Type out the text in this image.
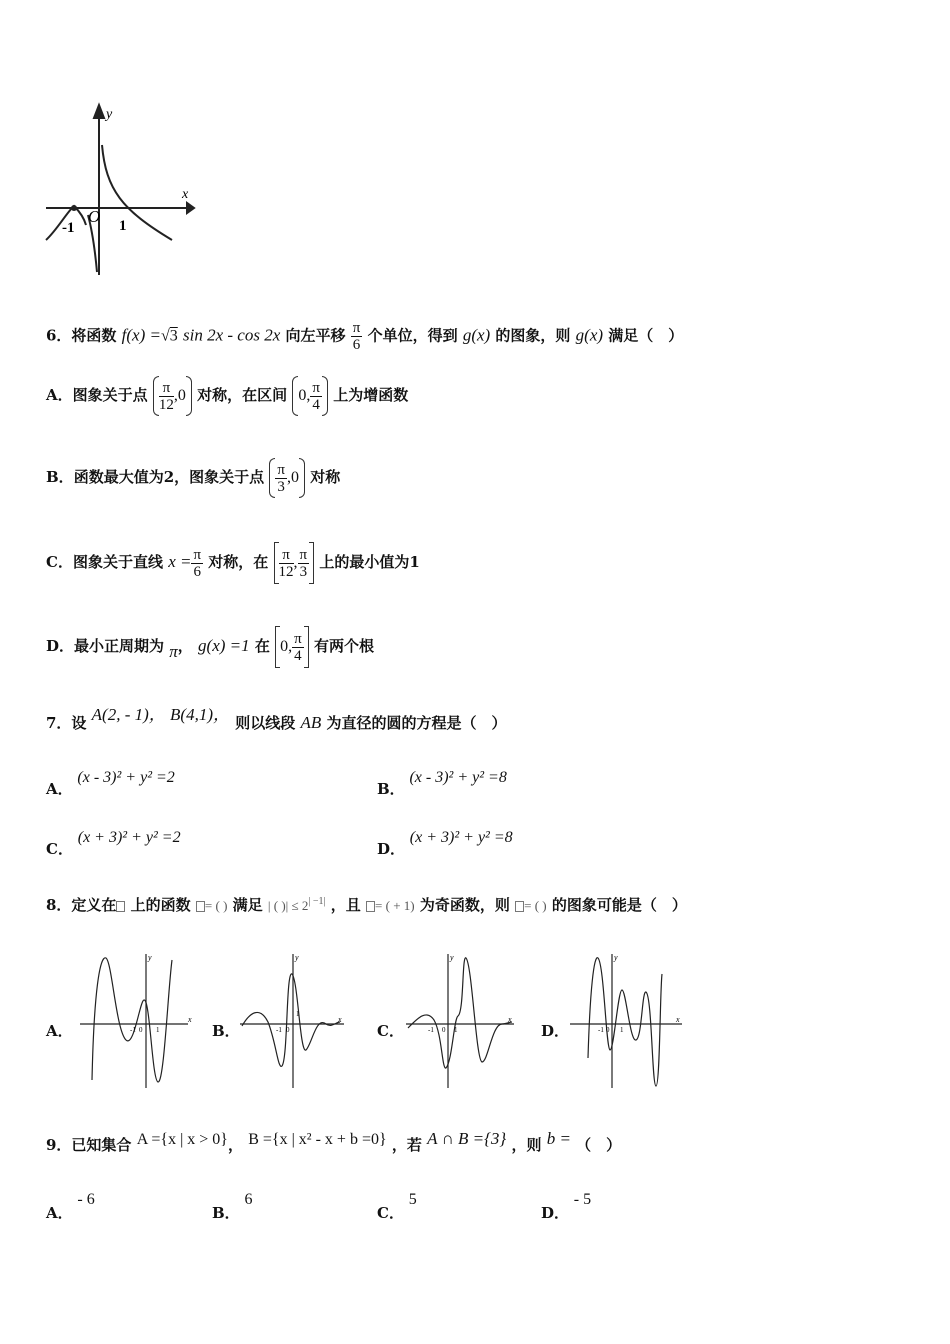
y
x
-1
O 1
6．将函数 f(x) =√3 sin 2x - cos 2x 向左平移 $\frac{\pi}{6}$ 个单位，得到 g(x) 的图象，则 g(x) 满足（　）
A．图象关于点 $\frac{\pi}{12} ,0$ 对称，在区间 0, $\frac{\pi}{4}$ 上为增函数
B．函数最大值为2，图象关于点 $\frac{\pi}{3} ,0$ 对称
C．图象关于直线 $x = \frac{\pi}{6}$ 对称，在 $\frac{\pi}{12}$ , $\frac{\pi}{3}$ 上的最小值为1
D．最小正周期为 π， g(x) =1 在 0, $\frac{\pi}{4}$ 有两个根
7．设 A(2, - 1)， B(4,1)， 则以线段 AB 为直径的圆的方程是（　）
A． (x - 3)² + y² =2
B． (x - 3)² + y² =8
C． (x + 3)² + y² =2
D． (x + 3)² + y² =8
8．定义在 上的函数 = ( ) 满足 | ( )| ≤ $2^{| -1|}$ ，且 = ( + 1) 为奇函数，则 = ( ) 的图象可能是（　）
A．	B．	C．	D．
y
x
-1 0 1
y
x
-1 0
1
y
x
-1 0 1
y
x
-1 0 1
9．已知集合 A ={x | x > 0}， B ={x | x² - x + b =0} ，若 A ∩ B ={3} ，则 b = （　）
A． - 6
B． 6
C． 5
D． - 5
